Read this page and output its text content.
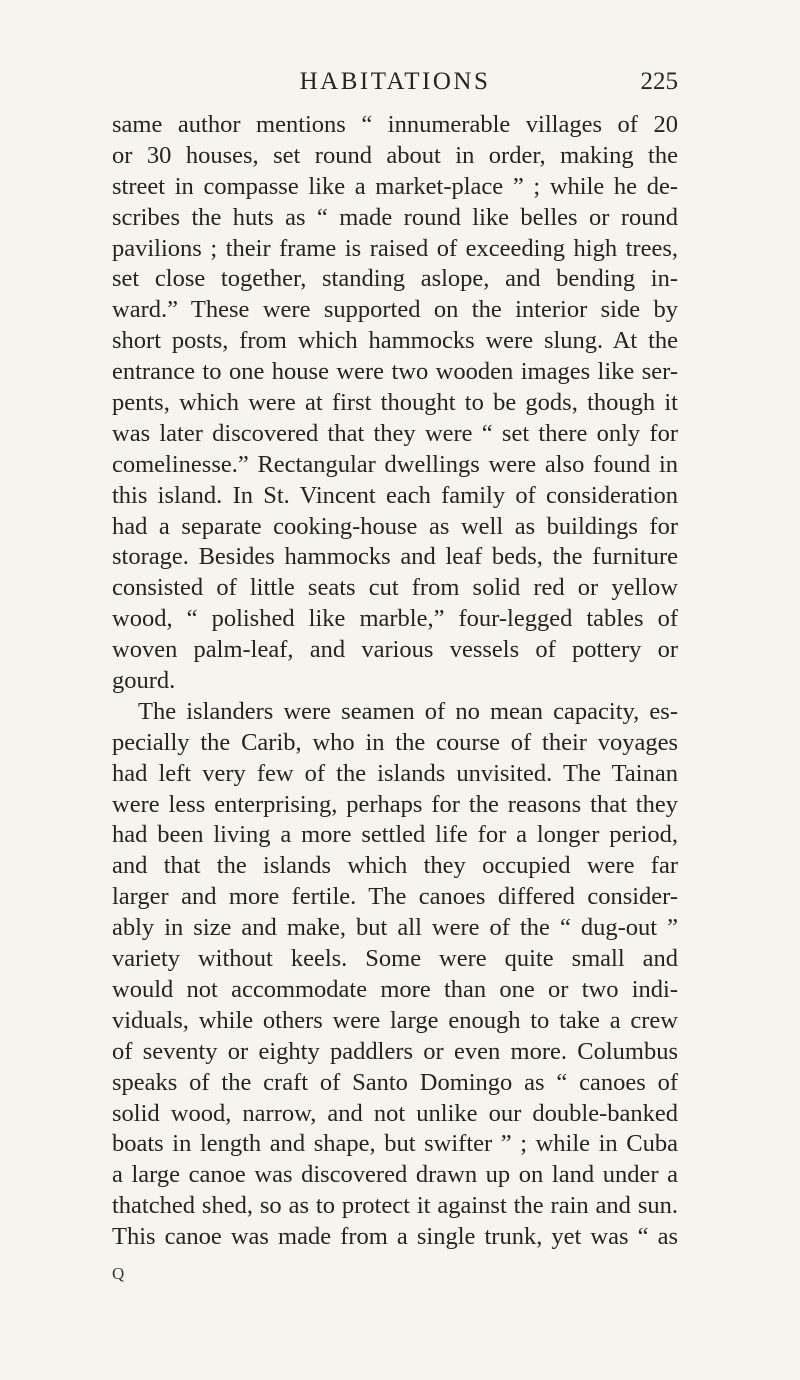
HABITATIONS	225
same author mentions “ innumerable villages of 20
or 30 houses, set round about in order, making the
street in compasse like a market-place ” ; while he de-
scribes the huts as “ made round like belles or round
pavilions ; their frame is raised of exceeding high trees,
set close together, standing aslope, and bending in-
ward.” These were supported on the interior side by
short posts, from which hammocks were slung. At the
entrance to one house were two wooden images like ser-
pents, which were at first thought to be gods, though it
was later discovered that they were “ set there only for
comelinesse.” Rectangular dwellings were also found in
this island. In St. Vincent each family of consideration
had a separate cooking-house as well as buildings for
storage. Besides hammocks and leaf beds, the furniture
consisted of little seats cut from solid red or yellow
wood, “ polished like marble,” four-legged tables of
woven palm-leaf, and various vessels of pottery or
gourd.
The islanders were seamen of no mean capacity, es-
pecially the Carib, who in the course of their voyages
had left very few of the islands unvisited. The Tainan
were less enterprising, perhaps for the reasons that they
had been living a more settled life for a longer period,
and that the islands which they occupied were far
larger and more fertile. The canoes differed consider-
ably in size and make, but all were of the “ dug-out ”
variety without keels. Some were quite small and
would not accommodate more than one or two indi-
viduals, while others were large enough to take a crew
of seventy or eighty paddlers or even more. Columbus
speaks of the craft of Santo Domingo as “ canoes of
solid wood, narrow, and not unlike our double-banked
boats in length and shape, but swifter ” ; while in Cuba
a large canoe was discovered drawn up on land under a
thatched shed, so as to protect it against the rain and sun.
This canoe was made from a single trunk, yet was “ as
Q
